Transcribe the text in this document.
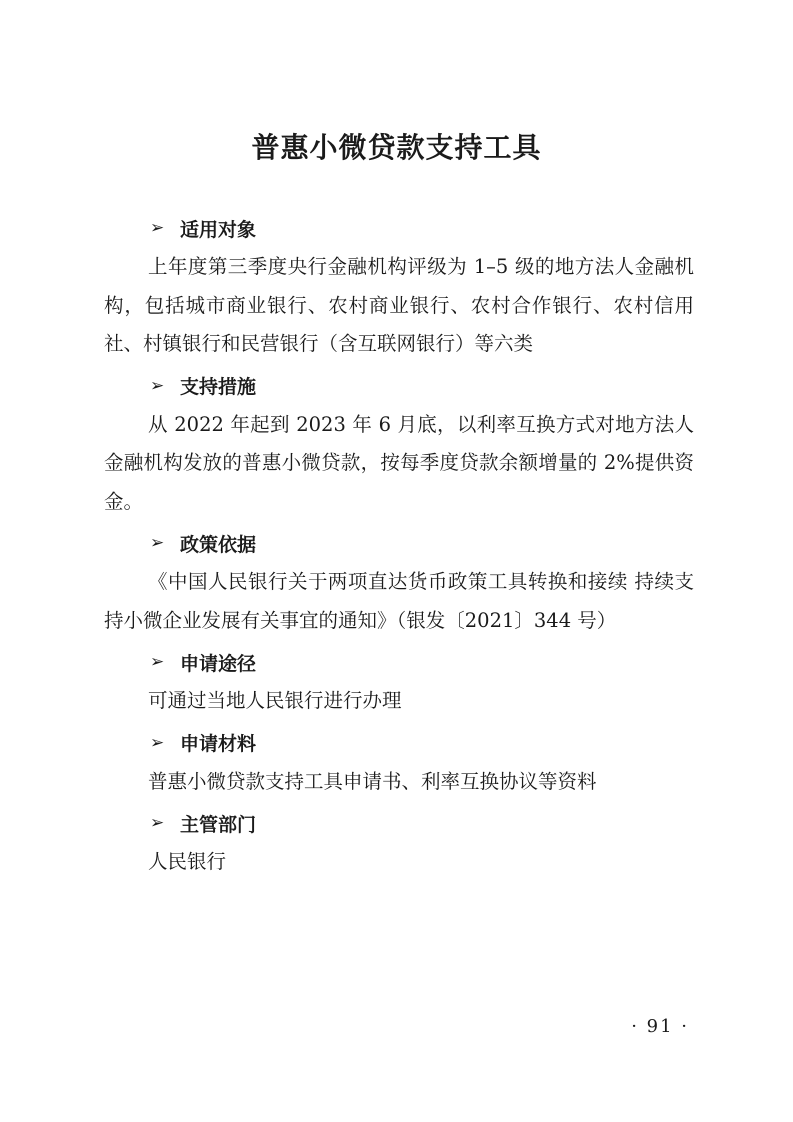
普惠小微贷款支持工具
➢ 适用对象

上年度第三季度央行金融机构评级为 1–5 级的地方法人金融机构，包括城市商业银行、农村商业银行、农村合作银行、农村信用社、村镇银行和民营银行（含互联网银行）等六类

➢ 支持措施

从 2022 年起到 2023 年 6 月底，以利率互换方式对地方法人金融机构发放的普惠小微贷款，按每季度贷款余额增量的 2%提供资金。

➢ 政策依据

《中国人民银行关于两项直达货币政策工具转换和接续 持续支持小微企业发展有关事宜的通知》（银发〔2021〕344 号）

➢ 申请途径

可通过当地人民银行进行办理

➢ 申请材料

普惠小微贷款支持工具申请书、利率互换协议等资料

➢ 主管部门

人民银行

· 91 ·
